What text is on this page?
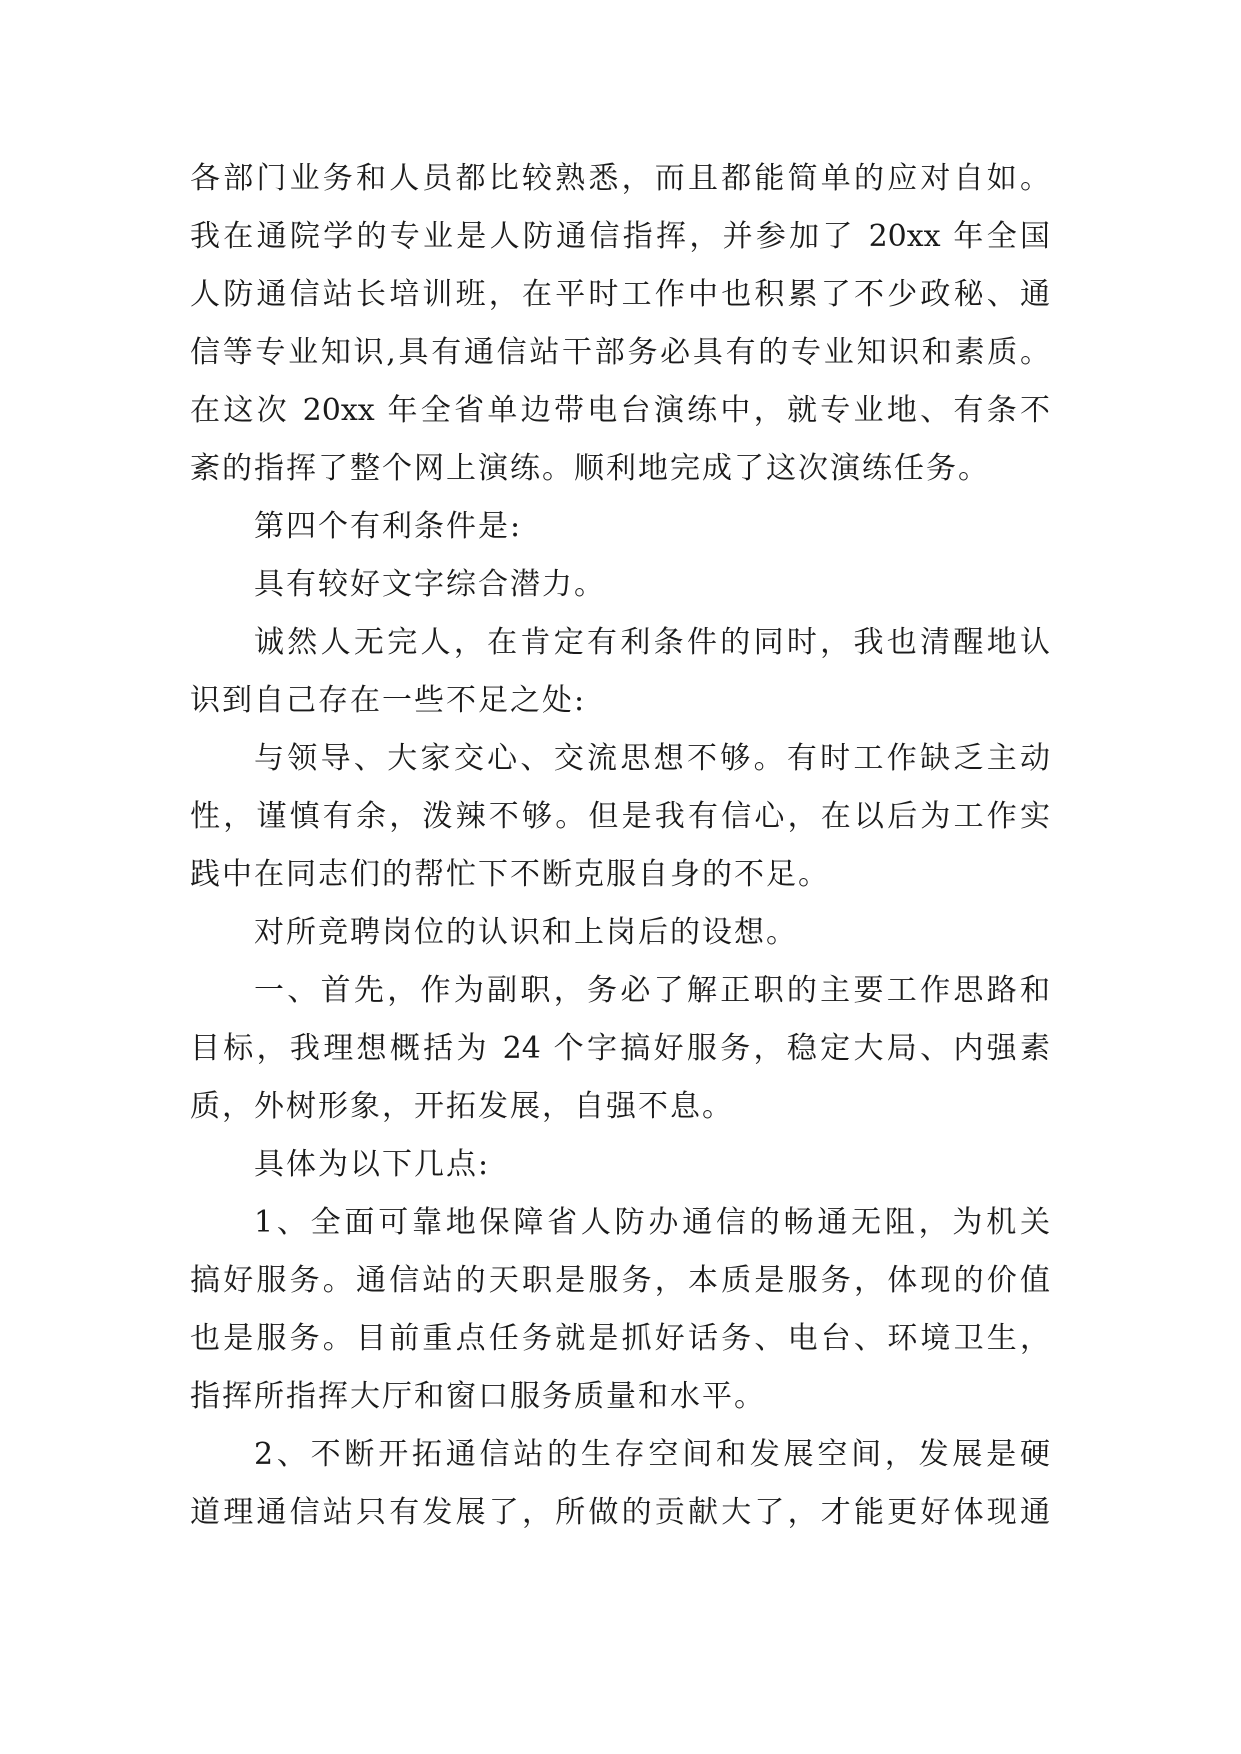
各部门业务和人员都比较熟悉，而且都能简单的应对自如。
我在通院学的专业是人防通信指挥，并参加了 20xx 年全国
人防通信站长培训班，在平时工作中也积累了不少政秘、通
信等专业知识,具有通信站干部务必具有的专业知识和素质。
在这次 20xx 年全省单边带电台演练中，就专业地、有条不
紊的指挥了整个网上演练。顺利地完成了这次演练任务。
第四个有利条件是:
具有较好文字综合潜力。
诚然人无完人，在肯定有利条件的同时，我也清醒地认
识到自己存在一些不足之处:
与领导、大家交心、交流思想不够。有时工作缺乏主动
性，谨慎有余，泼辣不够。但是我有信心，在以后为工作实
践中在同志们的帮忙下不断克服自身的不足。
对所竞聘岗位的认识和上岗后的设想。
一、首先，作为副职，务必了解正职的主要工作思路和
目标，我理想概括为 24 个字搞好服务，稳定大局、内强素
质，外树形象，开拓发展，自强不息。
具体为以下几点:
1、全面可靠地保障省人防办通信的畅通无阻，为机关
搞好服务。通信站的天职是服务，本质是服务，体现的价值
也是服务。目前重点任务就是抓好话务、电台、环境卫生，
指挥所指挥大厅和窗口服务质量和水平。
2、不断开拓通信站的生存空间和发展空间，发展是硬
道理通信站只有发展了，所做的贡献大了，才能更好体现通
